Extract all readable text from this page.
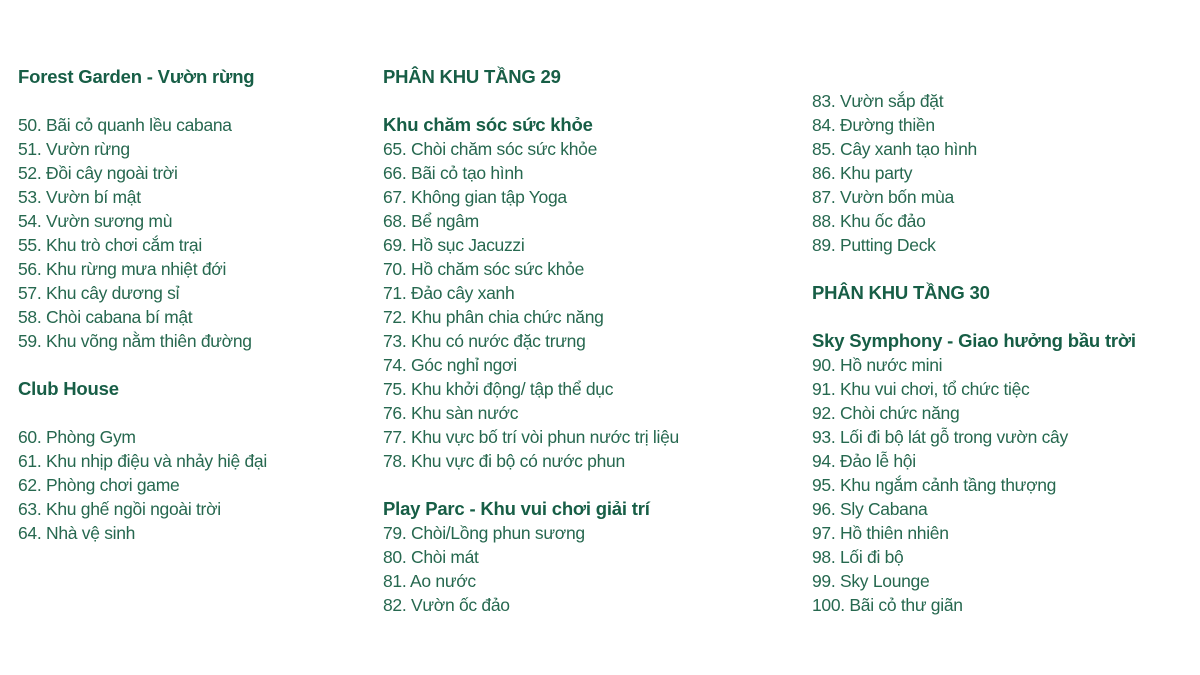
Forest Garden - Vườn rừng
50. Bãi cỏ quanh lều cabana
51. Vườn rừng
52. Đồi cây ngoài trời
53. Vườn bí mật
54. Vườn sương mù
55. Khu trò chơi cắm trại
56. Khu rừng mưa nhiệt đới
57. Khu cây dương sỉ
58. Chòi cabana bí mật
59. Khu võng nằm thiên đường
Club House
60. Phòng Gym
61. Khu nhịp điệu và nhảy hiệ đại
62. Phòng chơi game
63. Khu ghế ngồi ngoài trời
64. Nhà vệ sinh
PHÂN KHU TẦNG 29
Khu chăm sóc sức khỏe
65. Chòi chăm sóc sức khỏe
66. Bãi cỏ tạo hình
67. Không gian tập Yoga
68. Bể ngâm
69. Hồ sục Jacuzzi
70. Hồ chăm sóc sức khỏe
71. Đảo cây xanh
72. Khu phân chia chức năng
73. Khu có nước đặc trưng
74. Góc nghỉ ngơi
75. Khu khởi động/ tập thể dục
76. Khu sàn nước
77. Khu vực bố trí vòi phun nước trị liệu
78. Khu vực đi bộ có nước phun
Play Parc - Khu vui chơi giải trí
79. Chòi/Lồng phun sương
80. Chòi mát
81. Ao nước
82. Vườn ốc đảo
83. Vườn sắp đặt
84. Đường thiền
85. Cây xanh tạo hình
86. Khu party
87. Vườn bốn mùa
88. Khu ốc đảo
89. Putting Deck
PHÂN KHU TẦNG 30
Sky Symphony - Giao hưởng bầu trời
90. Hồ nước mini
91. Khu vui chơi, tổ chức tiệc
92. Chòi chức năng
93. Lối đi bộ lát gỗ trong vườn cây
94. Đảo lễ hội
95. Khu ngắm cảnh tầng thượng
96. Sly Cabana
97. Hồ thiên nhiên
98. Lối đi bộ
99. Sky Lounge
100. Bãi cỏ thư giãn
